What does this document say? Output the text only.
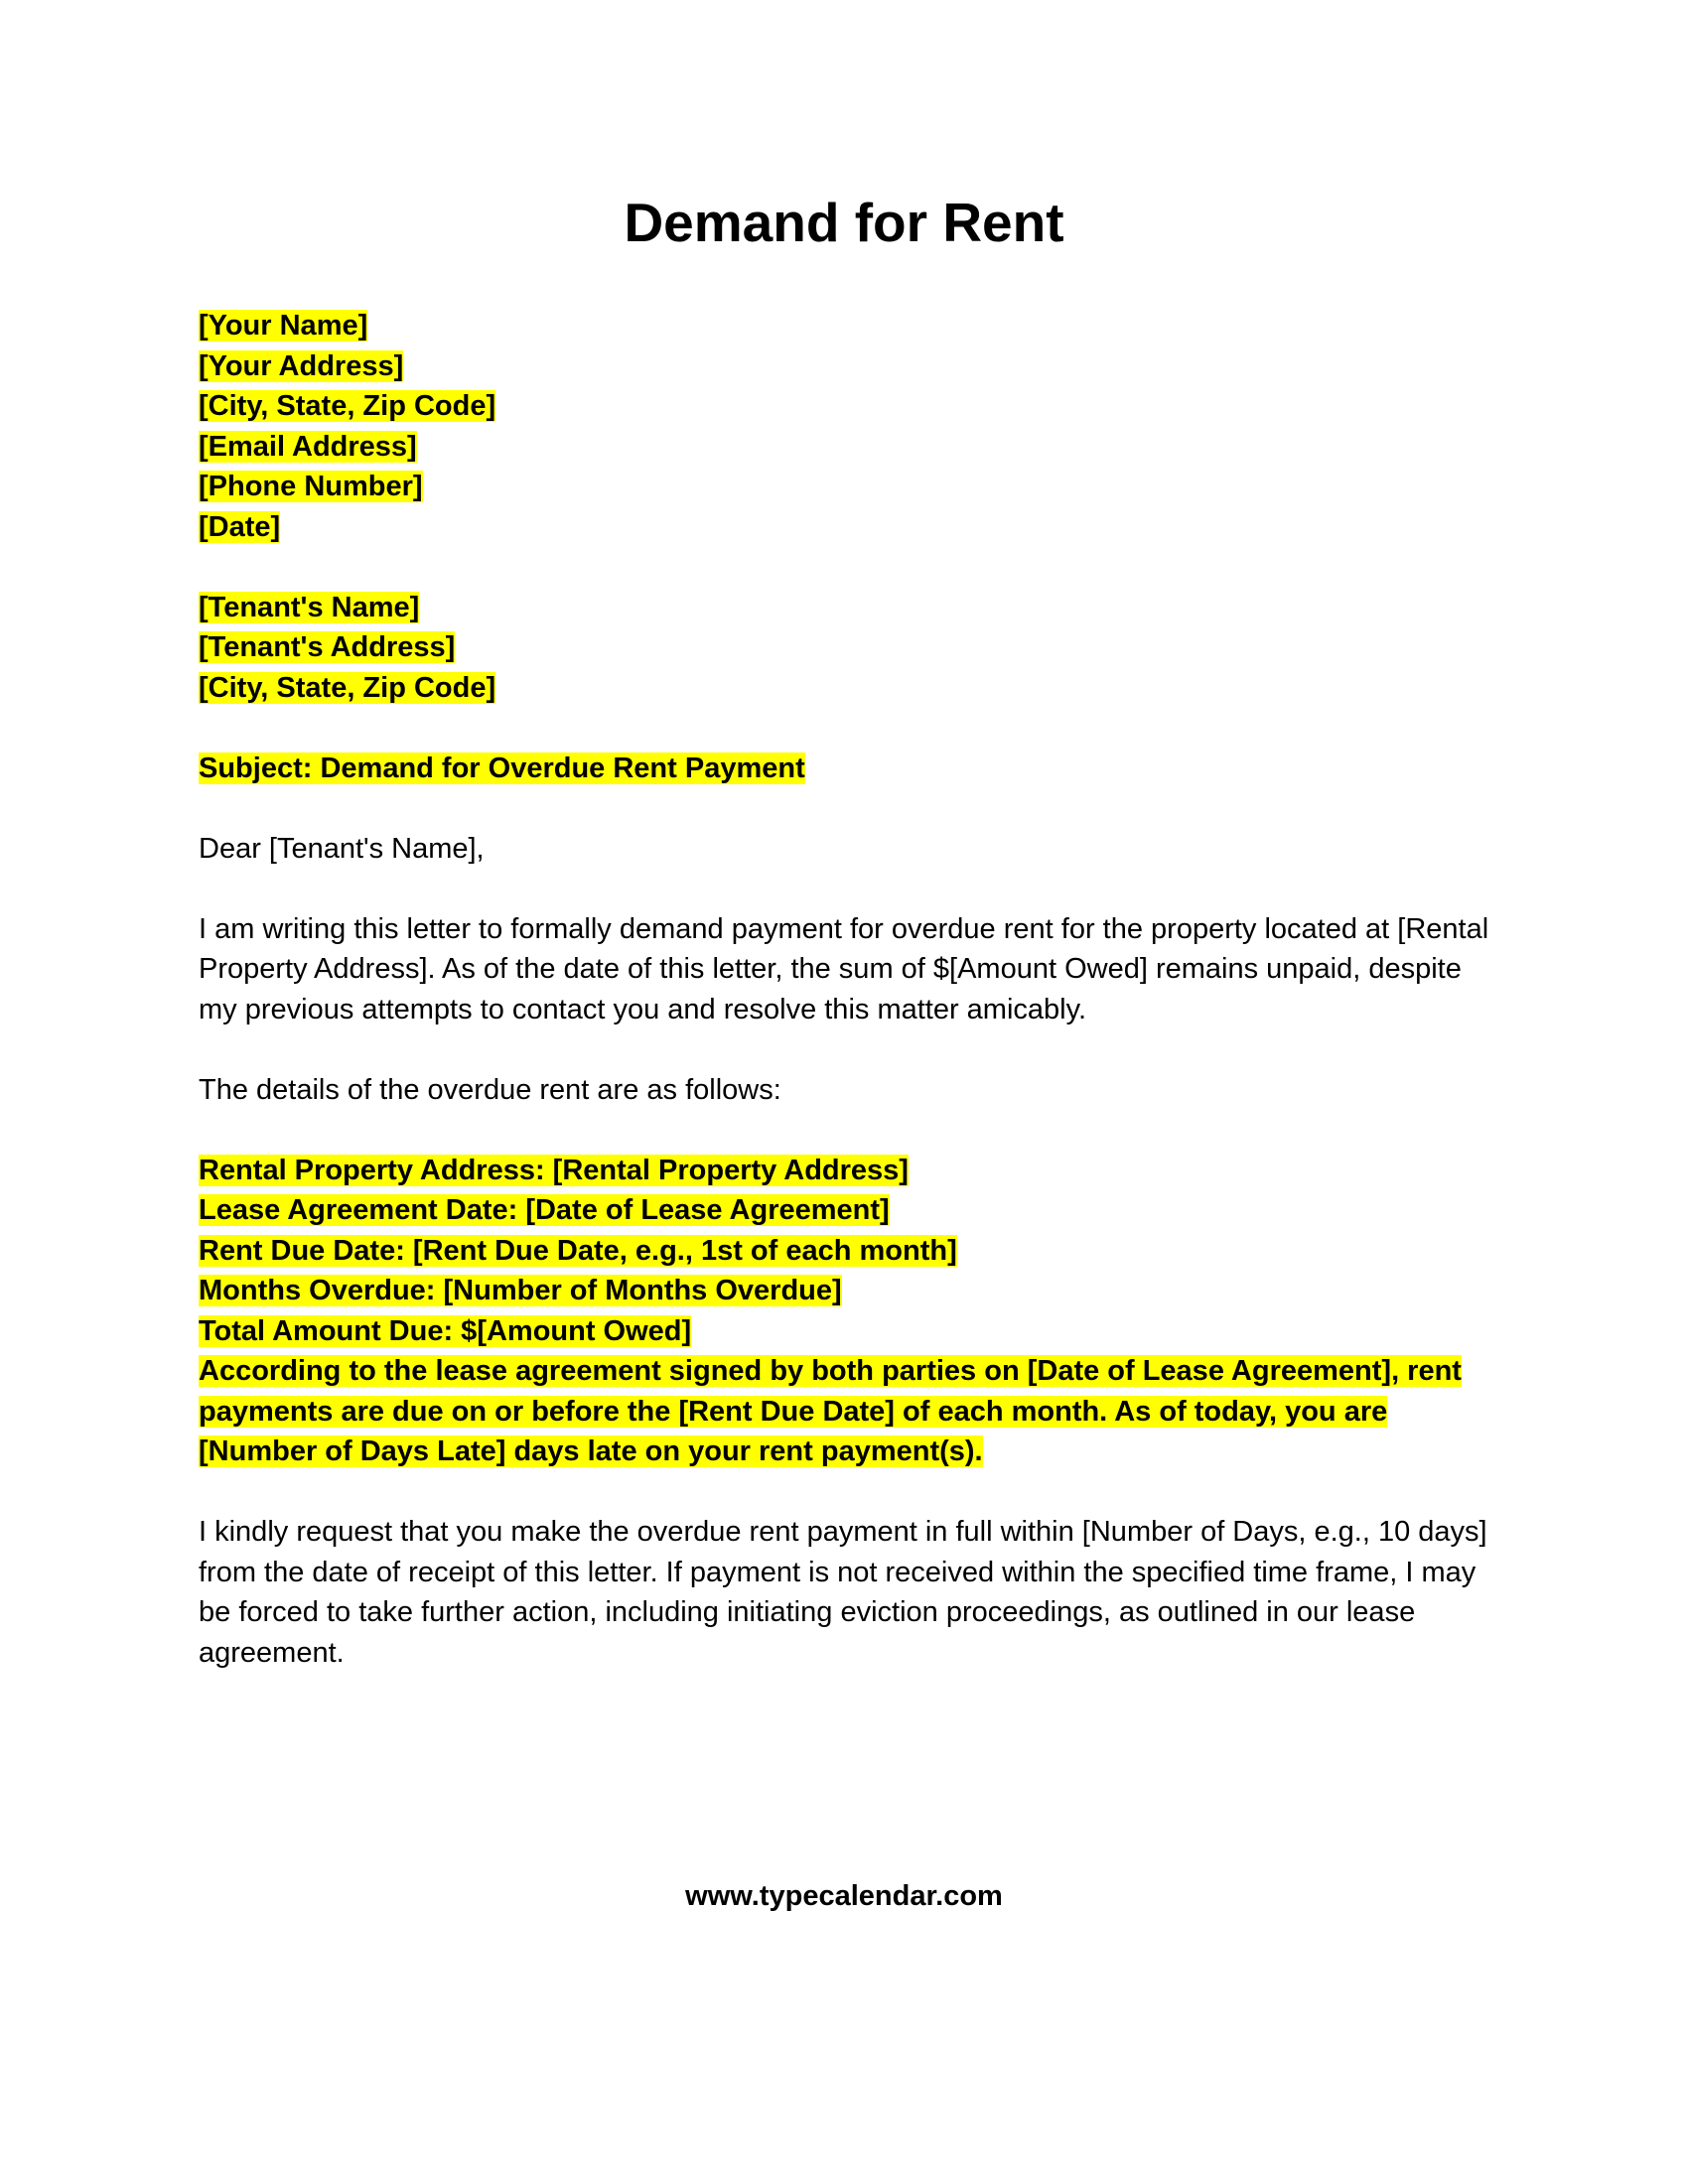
Demand for Rent
[Your Name]
[Your Address]
[City, State, Zip Code]
[Email Address]
[Phone Number]
[Date]
[Tenant's Name]
[Tenant's Address]
[City, State, Zip Code]
Subject: Demand for Overdue Rent Payment

Dear [Tenant's Name],

I am writing this letter to formally demand payment for overdue rent for the property located at [Rental Property Address]. As of the date of this letter, the sum of $[Amount Owed] remains unpaid, despite my previous attempts to contact you and resolve this matter amicably.

The details of the overdue rent are as follows:

Rental Property Address: [Rental Property Address]
Lease Agreement Date: [Date of Lease Agreement]
Rent Due Date: [Rent Due Date, e.g., 1st of each month]
Months Overdue: [Number of Months Overdue]
Total Amount Due: $[Amount Owed]
According to the lease agreement signed by both parties on [Date of Lease Agreement], rent payments are due on or before the [Rent Due Date] of each month. As of today, you are [Number of Days Late] days late on your rent payment(s).

I kindly request that you make the overdue rent payment in full within [Number of Days, e.g., 10 days] from the date of receipt of this letter. If payment is not received within the specified time frame, I may be forced to take further action, including initiating eviction proceedings, as outlined in our lease agreement.

www.typecalendar.com
